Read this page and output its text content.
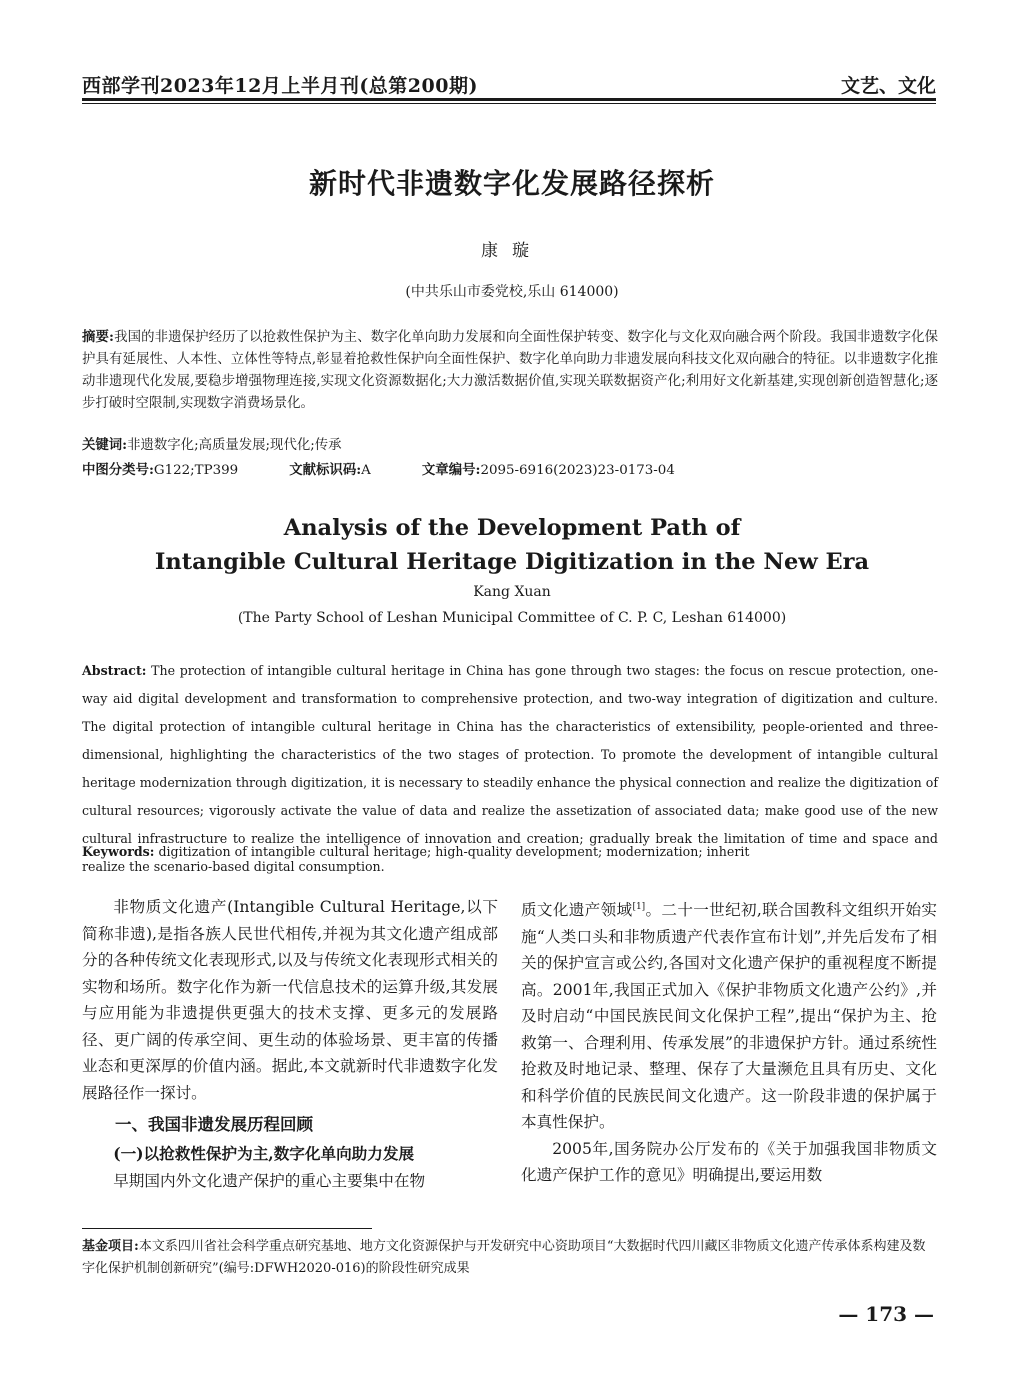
西部学刊2023年12月上半月刊(总第200期)	文艺、文化
新时代非遗数字化发展路径探析
康璇
(中共乐山市委党校,乐山 614000)
摘要:我国的非遗保护经历了以抢救性保护为主、数字化单向助力发展和向全面性保护转变、数字化与文化双向融合两个阶段。我国非遗数字化保护具有延展性、人本性、立体性等特点,彰显着抢救性保护向全面性保护、数字化单向助力非遗发展向科技文化双向融合的特征。以非遗数字化推动非遗现代化发展,要稳步增强物理连接,实现文化资源数据化;大力激活数据价值,实现关联数据资产化;利用好文化新基建,实现创新创造智慧化;逐步打破时空限制,实现数字消费场景化。
关键词:非遗数字化;高质量发展;现代化;传承
中图分类号:G122;TP399	文献标识码:A	文章编号:2095-6916(2023)23-0173-04
Analysis of the Development Path of
Intangible Cultural Heritage Digitization in the New Era
Kang Xuan
(The Party School of Leshan Municipal Committee of C. P. C, Leshan 614000)
Abstract: The protection of intangible cultural heritage in China has gone through two stages: the focus on rescue protection, one-way aid digital development and transformation to comprehensive protection, and two-way integration of digitization and culture. The digital protection of intangible cultural heritage in China has the characteristics of extensibility, people-oriented and three-dimensional, highlighting the characteristics of the two stages of protection. To promote the development of intangible cultural heritage modernization through digitization, it is necessary to steadily enhance the physical connection and realize the digitization of cultural resources; vigorously activate the value of data and realize the assetization of associated data; make good use of the new cultural infrastructure to realize the intelligence of innovation and creation; gradually break the limitation of time and space and realize the scenario-based digital consumption.
Keywords: digitization of intangible cultural heritage; high-quality development; modernization; inherit

非物质文化遗产(Intangible Cultural Heritage,以下简称非遗),是指各族人民世代相传,并视为其文化遗产组成部分的各种传统文化表现形式,以及与传统文化表现形式相关的实物和场所。数字化作为新一代信息技术的运算升级,其发展与应用能为非遗提供更强大的技术支撑、更多元的发展路径、更广阔的传承空间、更生动的体验场景、更丰富的传播业态和更深厚的价值内涵。据此,本文就新时代非遗数字化发展路径作一探讨。

一、我国非遗发展历程回顾
(一)以抢救性保护为主,数字化单向助力发展

早期国内外文化遗产保护的重心主要集中在物

质文化遗产领域[1]。二十一世纪初,联合国教科文组织开始实施“人类口头和非物质遗产代表作宣布计划”,并先后发布了相关的保护宣言或公约,各国对文化遗产保护的重视程度不断提高。2001年,我国正式加入《保护非物质文化遗产公约》,并及时启动“中国民族民间文化保护工程”,提出“保护为主、抢救第一、合理利用、传承发展”的非遗保护方针。通过系统性抢救及时地记录、整理、保存了大量濒危且具有历史、文化和科学价值的民族民间文化遗产。这一阶段非遗的保护属于本真性保护。

2005年,国务院办公厅发布的《关于加强我国非物质文化遗产保护工作的意见》明确提出,要运用数

基金项目:本文系四川省社会科学重点研究基地、地方文化资源保护与开发研究中心资助项目“大数据时代四川藏区非物质文化遗产传承体系构建及数字化保护机制创新研究”(编号:DFWH2020-016)的阶段性研究成果
— 173 —
